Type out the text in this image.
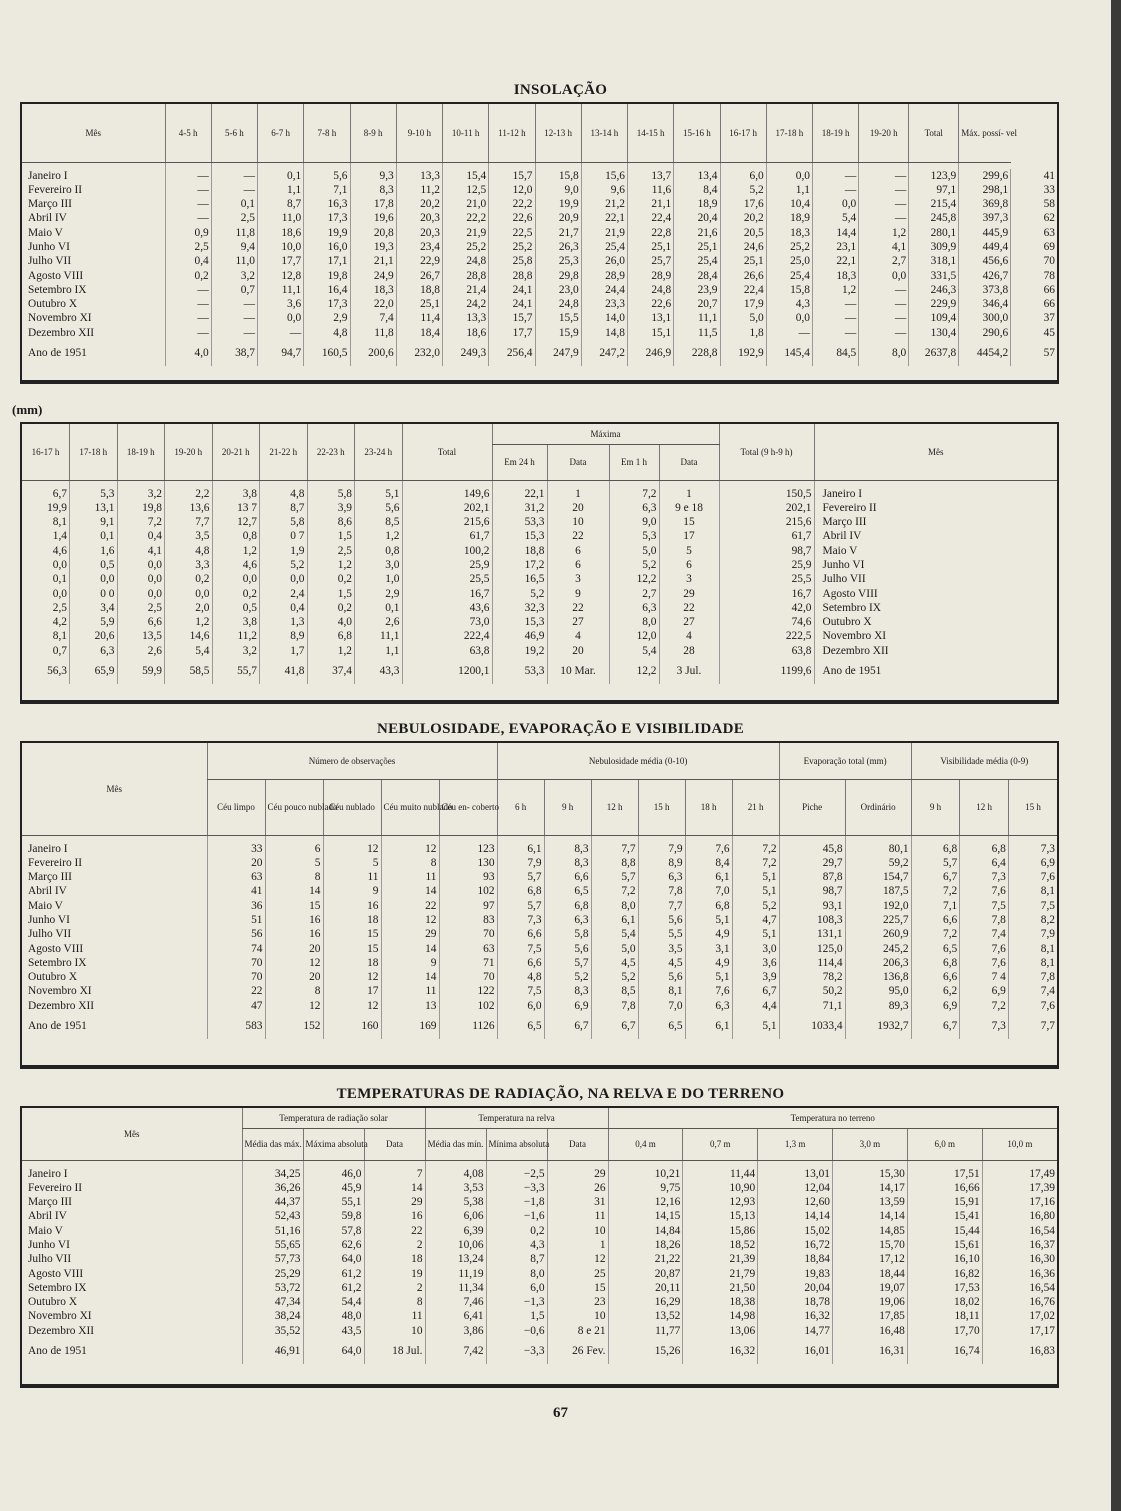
INSOLAÇÃO
Mês	4-5 h	5-6 h	6-7 h	7-8 h	8-9 h	9-10 h	10-11 h	11-12 h	12-13 h	13-14 h	14-15 h	15-16 h	16-17 h	17-18 h	18-19 h	19-20 h	Total	Máx. possí- vel	

Janeiro I	—	—	0,1	5,6	9,3	13,3	15,4	15,7	15,8	15,6	13,7	13,4	6,0	0,0	—	—	123,9	299,6	41
Fevereiro II	—	—	1,1	7,1	8,3	11,2	12,5	12,0	9,0	9,6	11,6	8,4	5,2	1,1	—	—	97,1	298,1	33
Março III	—	0,1	8,7	16,3	17,8	20,2	21,0	22,2	19,9	21,2	21,1	18,9	17,6	10,4	0,0	—	215,4	369,8	58
Abril IV	—	2,5	11,0	17,3	19,6	20,3	22,2	22,6	20,9	22,1	22,4	20,4	20,2	18,9	5,4	—	245,8	397,3	62
Maio V	0,9	11,8	18,6	19,9	20,8	20,3	21,9	22,5	21,7	21,9	22,8	21,6	20,5	18,3	14,4	1,2	280,1	445,9	63
Junho VI	2,5	9,4	10,0	16,0	19,3	23,4	25,2	25,2	26,3	25,4	25,1	25,1	24,6	25,2	23,1	4,1	309,9	449,4	69
Julho VII	0,4	11,0	17,7	17,1	21,1	22,9	24,8	25,8	25,3	26,0	25,7	25,4	25,1	25,0	22,1	2,7	318,1	456,6	70
Agosto VIII	0,2	3,2	12,8	19,8	24,9	26,7	28,8	28,8	29,8	28,9	28,9	28,4	26,6	25,4	18,3	0,0	331,5	426,7	78
Setembro IX	—	0,7	11,1	16,4	18,3	18,8	21,4	24,1	23,0	24,4	24,8	23,9	22,4	15,8	1,2	—	246,3	373,8	66
Outubro X	—	—	3,6	17,3	22,0	25,1	24,2	24,1	24,8	23,3	22,6	20,7	17,9	4,3	—	—	229,9	346,4	66
Novembro XI	—	—	0,0	2,9	7,4	11,4	13,3	15,7	15,5	14,0	13,1	11,1	5,0	0,0	—	—	109,4	300,0	37
Dezembro XII	—	—	—	4,8	11,8	18,4	18,6	17,7	15,9	14,8	15,1	11,5	1,8	—	—	—	130,4	290,6	45
Ano de 1951	4,0	38,7	94,7	160,5	200,6	232,0	249,3	256,4	247,9	247,2	246,9	228,8	192,9	145,4	84,5	8,0	2637,8	4454,2	57
(mm)
16-17 h	17-18 h	18-19 h	19-20 h	20-21 h	21-22 h	22-23 h	23-24 h	Total	Máxima				Total (9 h-9 h)	Mês
									Em 24 h	Data	Em 1 h	Data		

6,7	5,3	3,2	2,2	3,8	4,8	5,8	5,1	149,6	22,1	1	7,2	1	150,5	Janeiro I
19,9	13,1	19,8	13,6	13 7	8,7	3,9	5,6	202,1	31,2	20	6,3	9 e 18	202,1	Fevereiro II
8,1	9,1	7,2	7,7	12,7	5,8	8,6	8,5	215,6	53,3	10	9,0	15	215,6	Março III
1,4	0,1	0,4	3,5	0,8	0 7	1,5	1,2	61,7	15,3	22	5,3	17	61,7	Abril IV
4,6	1,6	4,1	4,8	1,2	1,9	2,5	0,8	100,2	18,8	6	5,0	5	98,7	Maio V
0,0	0,5	0,0	3,3	4,6	5,2	1,2	3,0	25,9	17,2	6	5,2	6	25,9	Junho VI
0,1	0,0	0,0	0,2	0,0	0,0	0,2	1,0	25,5	16,5	3	12,2	3	25,5	Julho VII
0,0	0 0	0,0	0,0	0,2	2,4	1,5	2,9	16,7	5,2	9	2,7	29	16,7	Agosto VIII
2,5	3,4	2,5	2,0	0,5	0,4	0,2	0,1	43,6	32,3	22	6,3	22	42,0	Setembro IX
4,2	5,9	6,6	1,2	3,8	1,3	4,0	2,6	73,0	15,3	27	8,0	27	74,6	Outubro X
8,1	20,6	13,5	14,6	11,2	8,9	6,8	11,1	222,4	46,9	4	12,0	4	222,5	Novembro XI
0,7	6,3	2,6	5,4	3,2	1,7	1,2	1,1	63,8	19,2	20	5,4	28	63,8	Dezembro XII
56,3	65,9	59,9	58,5	55,7	41,8	37,4	43,3	1200,1	53,3	10 Mar.	12,2	3 Jul.	1199,6	Ano de 1951
NEBULOSIDADE, EVAPORAÇÃO E VISIBILIDADE
Mês	Número de observações					Nebulosidade média (0-10)						Evaporação total (mm)		Visibilidade média (0-9)		
	Céu limpo	Céu pouco nublado	Céu nublado	Céu muito nublado	Céu en- coberto	6 h	9 h	12 h	15 h	18 h	21 h	Piche	Ordinário	9 h	12 h	15 h

Janeiro I	33	6	12	12	123	6,1	8,3	7,7	7,9	7,6	7,2	45,8	80,1	6,8	6,8	7,3
Fevereiro II	20	5	5	8	130	7,9	8,3	8,8	8,9	8,4	7,2	29,7	59,2	5,7	6,4	6,9
Março III	63	8	11	11	93	5,7	6,6	5,7	6,3	6,1	5,1	87,8	154,7	6,7	7,3	7,6
Abril IV	41	14	9	14	102	6,8	6,5	7,2	7,8	7,0	5,1	98,7	187,5	7,2	7,6	8,1
Maio V	36	15	16	22	97	5,7	6,8	8,0	7,7	6,8	5,2	93,1	192,0	7,1	7,5	7,5
Junho VI	51	16	18	12	83	7,3	6,3	6,1	5,6	5,1	4,7	108,3	225,7	6,6	7,8	8,2
Julho VII	56	16	15	29	70	6,6	5,8	5,4	5,5	4,9	5,1	131,1	260,9	7,2	7,4	7,9
Agosto VIII	74	20	15	14	63	7,5	5,6	5,0	3,5	3,1	3,0	125,0	245,2	6,5	7,6	8,1
Setembro IX	70	12	18	9	71	6,6	5,7	4,5	4,5	4,9	3,6	114,4	206,3	6,8	7,6	8,1
Outubro X	70	20	12	14	70	4,8	5,2	5,2	5,6	5,1	3,9	78,2	136,8	6,6	7 4	7,8
Novembro XI	22	8	17	11	122	7,5	8,3	8,5	8,1	7,6	6,7	50,2	95,0	6,2	6,9	7,4
Dezembro XII	47	12	12	13	102	6,0	6,9	7,8	7,0	6,3	4,4	71,1	89,3	6,9	7,2	7,6
Ano de 1951	583	152	160	169	1126	6,5	6,7	6,7	6,5	6,1	5,1	1033,4	1932,7	6,7	7,3	7,7
TEMPERATURAS DE RADIAÇÃO, NA RELVA E DO TERRENO
Mês	Temperatura de radiação solar			Temperatura na relva			Temperatura no terreno					
	Média das máx.	Máxima absoluta	Data	Média das mín.	Mínima absoluta	Data	0,4 m	0,7 m	1,3 m	3,0 m	6,0 m	10,0 m

Janeiro I	34,25	46,0	7	4,08	−2,5	29	10,21	11,44	13,01	15,30	17,51	17,49
Fevereiro II	36,26	45,9	14	3,53	−3,3	26	9,75	10,90	12,04	14,17	16,66	17,39
Março III	44,37	55,1	29	5,38	−1,8	31	12,16	12,93	12,60	13,59	15,91	17,16
Abril IV	52,43	59,8	16	6,06	−1,6	11	14,15	15,13	14,14	14,14	15,41	16,80
Maio V	51,16	57,8	22	6,39	0,2	10	14,84	15,86	15,02	14,85	15,44	16,54
Junho VI	55,65	62,6	2	10,06	4,3	1	18,26	18,52	16,72	15,70	15,61	16,37
Julho VII	57,73	64,0	18	13,24	8,7	12	21,22	21,39	18,84	17,12	16,10	16,30
Agosto VIII	25,29	61,2	19	11,19	8,0	25	20,87	21,79	19,83	18,44	16,82	16,36
Setembro IX	53,72	61,2	2	11,34	6,0	15	20,11	21,50	20,04	19,07	17,53	16,54
Outubro X	47,34	54,4	8	7,46	−1,3	23	16,29	18,38	18,78	19,06	18,02	16,76
Novembro XI	38,24	48,0	11	6,41	1,5	10	13,52	14,98	16,32	17,85	18,11	17,02
Dezembro XII	35,52	43,5	10	3,86	−0,6	8 e 21	11,77	13,06	14,77	16,48	17,70	17,17
Ano de 1951	46,91	64,0	18 Jul.	7,42	−3,3	26 Fev.	15,26	16,32	16,01	16,31	16,74	16,83
67
